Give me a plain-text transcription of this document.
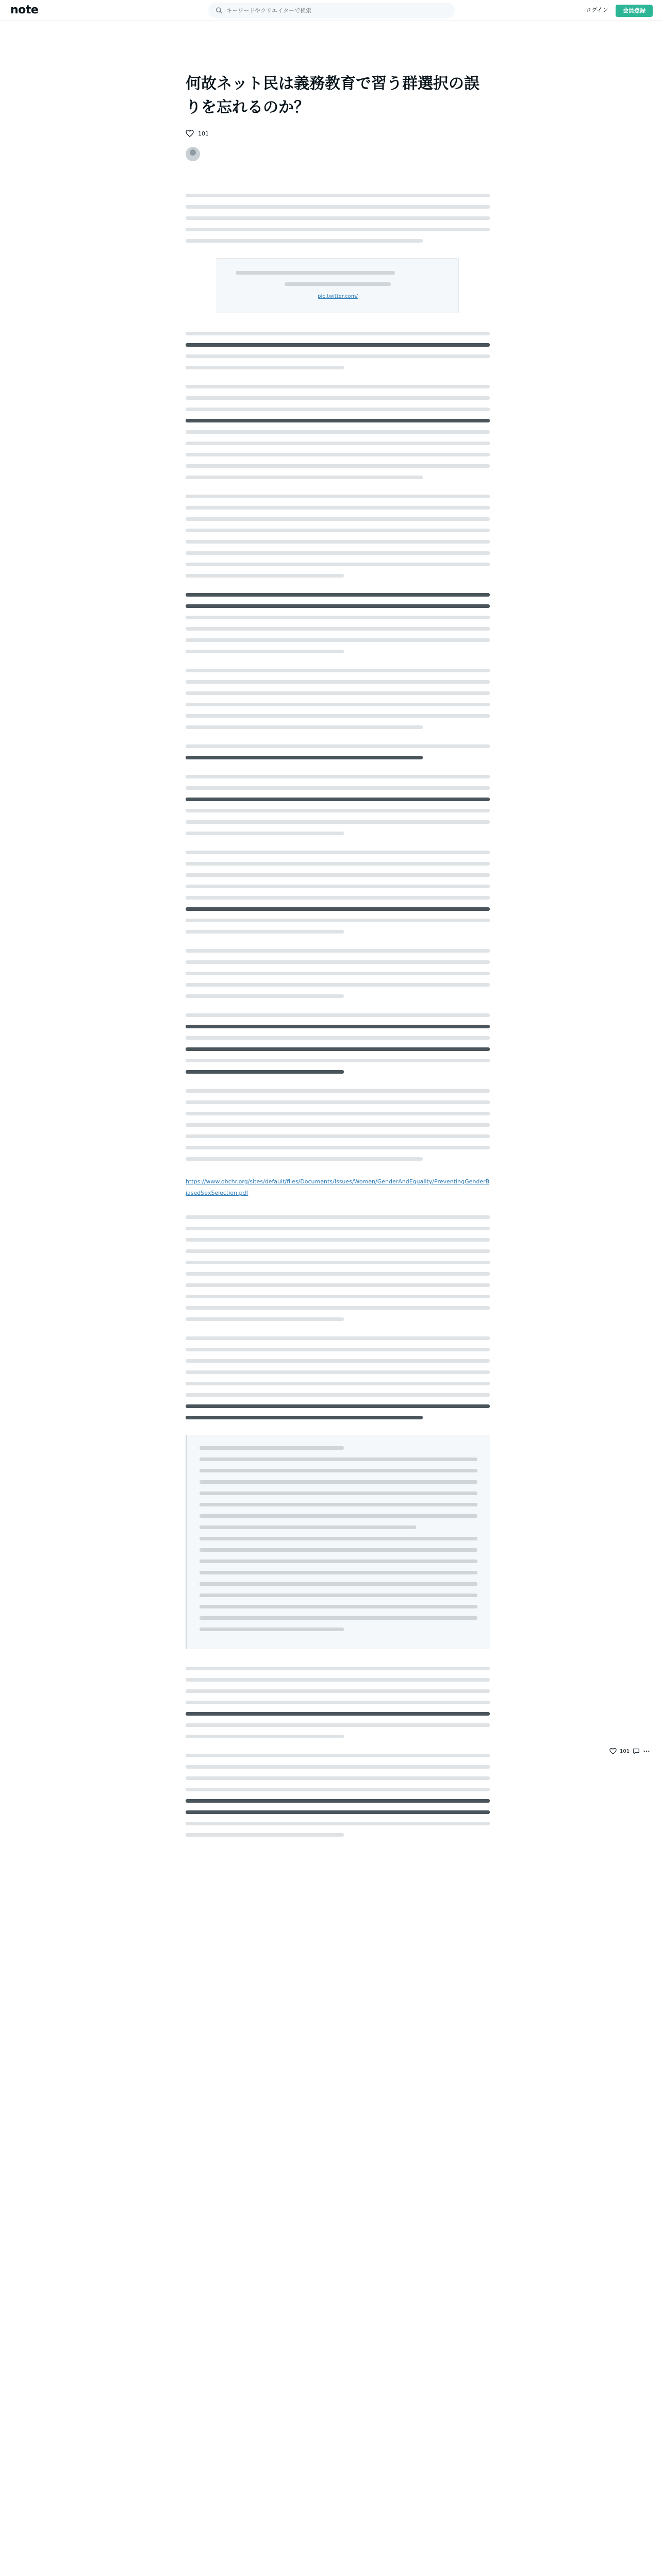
note
キーワードやクリエイターで検索	ログイン	会員登録
何故ネット民は義務教育で習う群選択の誤りを忘れるのか？
101
pic.twitter.com/
https://www.ohchr.org/sites/default/files/Documents/Issues/Women/GenderAndEquality/PreventingGenderBiasedSexSelection.pdf
101
